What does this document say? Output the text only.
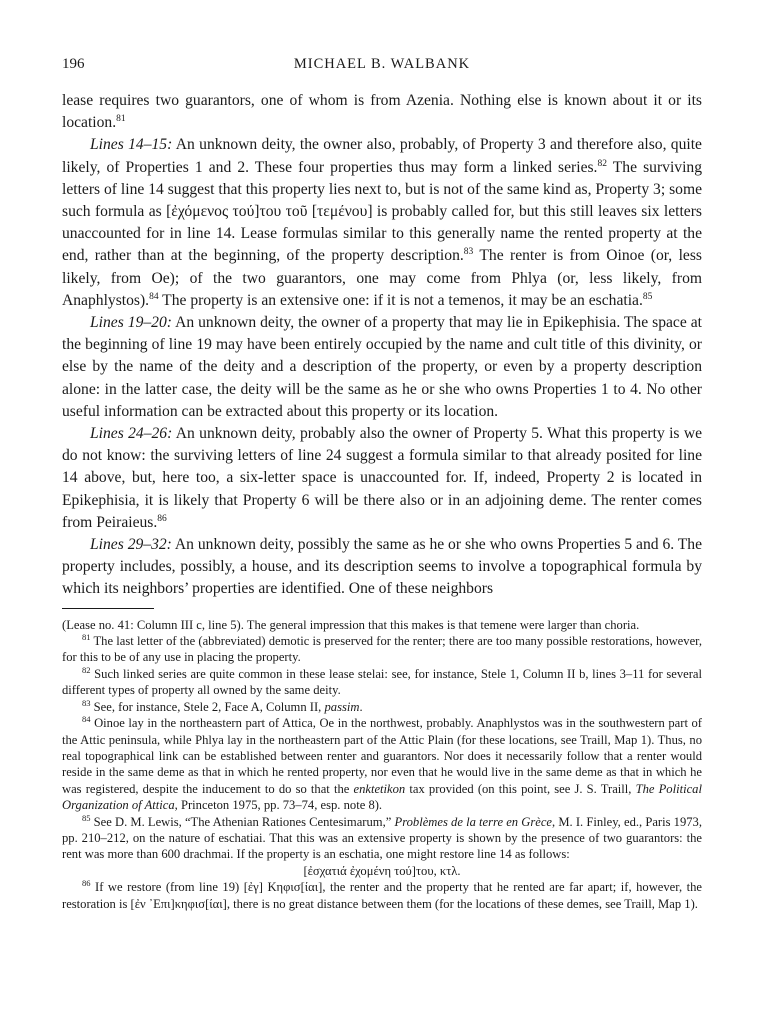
196	MICHAEL B. WALBANK

lease requires two guarantors, one of whom is from Azenia. Nothing else is known about it or its location.$^{81}$

Lines 14–15: An unknown deity, the owner also, probably, of Property 3 and therefore also, quite likely, of Properties 1 and 2. These four properties thus may form a linked series.$^{82}$ The surviving letters of line 14 suggest that this property lies next to, but is not of the same kind as, Property 3; some such formula as [ἐχόμενος τού]του τοῦ [τεμένου] is probably called for, but this still leaves six letters unaccounted for in line 14. Lease formulas similar to this generally name the rented property at the end, rather than at the beginning, of the property description.$^{83}$ The renter is from Oinoe (or, less likely, from Oe); of the two guarantors, one may come from Phlya (or, less likely, from Anaphlystos).$^{84}$ The property is an extensive one: if it is not a temenos, it may be an eschatia.$^{85}$

Lines 19–20: An unknown deity, the owner of a property that may lie in Epikephisia. The space at the beginning of line 19 may have been entirely occupied by the name and cult title of this divinity, or else by the name of the deity and a description of the property, or even by a property description alone: in the latter case, the deity will be the same as he or she who owns Properties 1 to 4. No other useful information can be extracted about this property or its location.

Lines 24–26: An unknown deity, probably also the owner of Property 5. What this property is we do not know: the surviving letters of line 24 suggest a formula similar to that already posited for line 14 above, but, here too, a six-letter space is unaccounted for. If, indeed, Property 2 is located in Epikephisia, it is likely that Property 6 will be there also or in an adjoining deme. The renter comes from Peiraieus.$^{86}$

Lines 29–32: An unknown deity, possibly the same as he or she who owns Properties 5 and 6. The property includes, possibly, a house, and its description seems to involve a topographical formula by which its neighbors’ properties are identified. One of these neighbors

(Lease no. 41: Column III c, line 5). The general impression that this makes is that temene were larger than choria.

$^{81}$ The last letter of the (abbreviated) demotic is preserved for the renter; there are too many possible restorations, however, for this to be of any use in placing the property.

$^{82}$ Such linked series are quite common in these lease stelai: see, for instance, Stele 1, Column II b, lines 3–11 for several different types of property all owned by the same deity.

$^{83}$ See, for instance, Stele 2, Face A, Column II, passim.

$^{84}$ Oinoe lay in the northeastern part of Attica, Oe in the northwest, probably. Anaphlystos was in the southwestern part of the Attic peninsula, while Phlya lay in the northeastern part of the Attic Plain (for these locations, see Traill, Map 1). Thus, no real topographical link can be established between renter and guarantors. Nor does it necessarily follow that a renter would reside in the same deme as that in which he rented property, nor even that he would live in the same deme as that in which he was registered, despite the inducement to do so that the enktetikon tax provided (on this point, see J. S. Traill, The Political Organization of Attica, Princeton 1975, pp. 73–74, esp. note 8).

$^{85}$ See D. M. Lewis, “The Athenian Rationes Centesimarum,” Problèmes de la terre en Grèce, M. I. Finley, ed., Paris 1973, pp. 210–212, on the nature of eschatiai. That this was an extensive property is shown by the presence of two guarantors: the rent was more than 600 drachmai. If the property is an eschatia, one might restore line 14 as follows:

[ἐσχατιά ἐχομένη τού]του, κτλ.

$^{86}$ If we restore (from line 19) [ἐγ] Κηφισ[ίαι], the renter and the property that he rented are far apart; if, however, the restoration is [ἐν ᾿Επι]κηφισ[ίαι], there is no great distance between them (for the locations of these demes, see Traill, Map 1).
